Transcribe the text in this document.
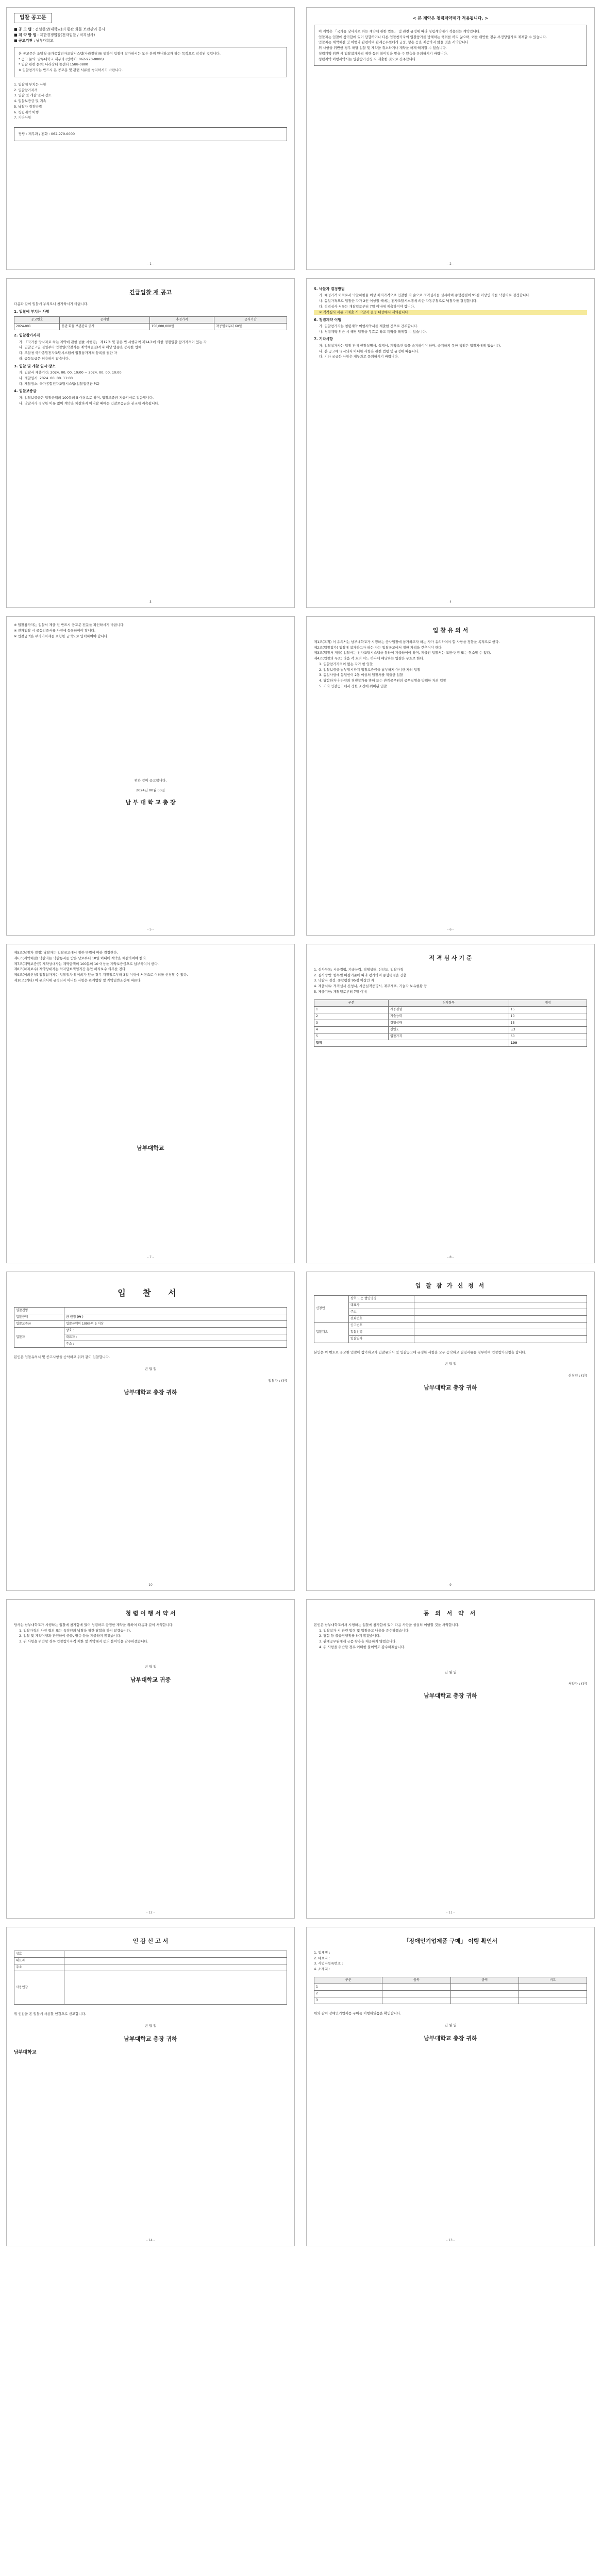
입찰 공고문
■ 공 고 명 : 건설현장(대학교)의 통관 화물 보관관리 공사
■ 계 약 방 법 : 제한경쟁입찰(전자입찰 / 적격심사)
■ 공고기관 : 남부대학교

본 공고문은 조달청 국가종합전자조달시스템(나라장터)를 통하여 입찰에 참가하시는 모든 분께 안내하고자 하는 목적으로 작성된 것입니다.

* 공고 문의: 남부대학교 재무과 (연락처: 062-970-0000)

* 입찰 관련 문의: 나라장터 콜센터 1588-0800

※ 입찰참가자는 반드시 본 공고문 및 관련 서류를 숙지하시기 바랍니다.

1. 입찰에 부치는 사항
2. 입찰참가자격
3. 입찰 및 개찰 일시·장소
4. 입찰보증금 및 귀속
5. 낙찰자 결정방법
6. 청렴계약 이행
7. 기타사항

담당 : 재무과 / 전화 : 062-970-0000

- 1 -
< 본 계약은 청렴계약제가 적용됩니다. >

이 계약은 「국가를 당사자로 하는 계약에 관한 법률」 및 관련 규정에 따라 청렴계약제가 적용되는 계약입니다.

입찰자는 입찰에 참가함에 있어 담합하거나 다른 입찰참가자의 입찰참가를 방해하는 행위를 하지 않으며, 이를 위반한 경우 부정당업자로 제재할 수 있습니다.

입찰자는 계약체결 및 이행과 관련하여 관계공무원에게 금품, 향응 등을 제공하지 않을 것을 서약합니다.

위 사항을 위반한 경우 해당 입찰 및 계약을 취소하거나 계약을 해제·해지할 수 있습니다.

청렴계약 위반 시 입찰참가자격 제한 등의 불이익을 받을 수 있음을 유의하시기 바랍니다.

청렴계약 이행서약서는 입찰참가신청 시 제출한 것으로 간주합니다.

- 2 -
긴급입찰 재 공고
다음과 같이 입찰에 부치오니 참가하시기 바랍니다.
1. 입찰에 부치는 사항
공고번호	공사명	추정가격	공사기간
2024-001	통관 화물 보관관리 공사	150,000,000원	착공일로부터 60일
2. 입찰참가자격
가. 「국가를 당사자로 하는 계약에 관한 법률 시행령」 제12조 및 같은 법 시행규칙 제14조에 의한 경쟁입찰 참가자격이 있는 자
나. 입찰공고일 전일부터 입찰일(낙찰자는 계약체결일)까지 해당 업종을 등록한 업체
다. 조달청 국가종합전자조달시스템에 입찰참가자격 등록을 필한 자
라. 공동도급은 허용하지 않습니다.
3. 입찰 및 개찰 일시·장소
가. 입찰서 제출기간: 2024. 00. 00. 10:00 ~ 2024. 00. 00. 10:00
나. 개찰일시: 2024. 00. 00. 11:00
다. 개찰장소: 국가종합전자조달시스템(입찰집행관 PC)
4. 입찰보증금
가. 입찰보증금은 입찰금액의 100분의 5 이상으로 하며, 입찰보증금 지급각서로 갈음합니다.
나. 낙찰자가 정당한 이유 없이 계약을 체결하지 아니할 때에는 입찰보증금은 본교에 귀속됩니다.
- 3 -
5. 낙찰자 결정방법
가. 예정가격 이하로서 낙찰하한율 이상 최저가격으로 입찰한 자 순으로 적격심사를 실시하여 종합평점이 95점 이상인 자를 낙찰자로 결정합니다.
나. 동일가격으로 입찰한 자가 2인 이상일 때에는 전자조달시스템에 의한 자동추첨으로 낙찰자를 결정합니다.
다. 적격심사 서류는 개찰일로부터 7일 이내에 제출하여야 합니다.
※ 적격심사 서류 미제출 시 낙찰자 결정 대상에서 제외됩니다.
6. 청렴계약 이행
가. 입찰참가자는 청렴계약 이행서약서를 제출한 것으로 간주합니다.
나. 청렴계약 위반 시 해당 입찰을 무효로 하고 계약을 해제할 수 있습니다.
7. 기타사항
가. 입찰참가자는 입찰 전에 현장설명서, 설계서, 계약조건 등을 숙지하여야 하며, 숙지하지 못한 책임은 입찰자에게 있습니다.
나. 본 공고에 명시되지 아니한 사항은 관련 법령 및 규정에 따릅니다.
다. 기타 궁금한 사항은 재무과로 문의하시기 바랍니다.
- 4 -
※ 입찰참가자는 입찰서 제출 전 반드시 공고문 전문을 확인하시기 바랍니다.
※ 전자입찰 시 공동인증서를 사전에 등록하여야 합니다.
※ 입찰금액은 부가가치세를 포함한 금액으로 입력하여야 합니다.
위와 같이 공고합니다.
2024년 00월 00일
남 부 대 학 교 총 장
- 5 -
입 찰 유 의 서
제1조(목적) 이 유의서는 남부대학교가 시행하는 공사입찰에 참가하고자 하는 자가 유의하여야 할 사항을 정함을 목적으로 한다.
제2조(입찰참가) 입찰에 참가하고자 하는 자는 입찰공고에서 정한 자격을 갖추어야 한다.
제3조(입찰서 제출) 입찰서는 전자조달시스템을 통하여 제출하여야 하며, 제출된 입찰서는 교환·변경 또는 취소할 수 없다.
제4조(입찰의 무효) 다음 각 호의 어느 하나에 해당하는 입찰은 무효로 한다.
1. 입찰참가자격이 없는 자가 한 입찰
2. 입찰보증금 납부일시까지 입찰보증금을 납부하지 아니한 자의 입찰
3. 동일사항에 동일인이 2통 이상의 입찰서를 제출한 입찰
4. 담합하거나 타인의 경쟁참가를 방해 또는 관계공무원의 공무집행을 방해한 자의 입찰
5. 기타 입찰공고에서 정한 조건에 위배된 입찰
- 6 -
제5조(낙찰자 결정) 낙찰자는 입찰공고에서 정한 방법에 따라 결정한다.
제6조(계약체결) 낙찰자는 낙찰통지를 받은 날로부터 10일 이내에 계약을 체결하여야 한다.
제7조(계약보증금) 계약상대자는 계약금액의 100분의 10 이상을 계약보증금으로 납부하여야 한다.
제8조(하자보수) 계약상대자는 하자담보책임기간 동안 하자보수 의무를 진다.
제9조(이의신청) 입찰참가자는 입찰절차에 이의가 있을 경우 개찰일로부터 3일 이내에 서면으로 이의를 신청할 수 있다.
제10조(기타) 이 유의서에 규정되지 아니한 사항은 관계법령 및 계약일반조건에 따른다.
남부대학교
- 7 -
적 격 심 사 기 준
1. 심사항목: 시공경험, 기술능력, 경영상태, 신인도, 입찰가격
2. 심사방법: 항목별 배점기준에 따라 평가하여 종합평점을 산출
3. 낙찰자 결정: 종합평점 95점 이상인 자
4. 제출서류: 적격심사 신청서, 시공실적증명서, 재무제표, 기술자 보유현황 등
5. 제출기한: 개찰일로부터 7일 이내
구분	심사항목	배점
1	시공경험	15
2	기술능력	10
3	경영상태	15
4	신인도	±3
5	입찰가격	60
합계		100
- 8 -
입 찰 참 가 신 청 서
신청인	상호 또는 법인명칭	
	대표자	
	주소	
	전화번호	
입찰개요	공고번호	
	입찰건명	
	입찰일자	
본인은 위 번호로 공고한 입찰에 참가하고자 입찰유의서 및 입찰공고에 규정한 사항을 모두 승낙하고 별첨서류를 첨부하여 입찰참가신청을 합니다.
년 월 일
신청인 : (인)
남부대학교 총장 귀하
- 9 -
입 찰 서
입찰건명	
입찰금액	금 원정 (₩ )
입찰보증금	입찰금액의 100분의 5 이상
입찰자	상호 :
	대표자 :
	주소 :
본인은 입찰유의서 및 공고사항을 승낙하고 위와 같이 입찰합니다.
년 월 일
입찰자 : (인)
남부대학교 총장 귀하
- 10 -
동 의 서 약 서
본인은 남부대학교에서 시행하는 입찰에 참가함에 있어 다음 사항을 성실히 이행할 것을 서약합니다.
1. 입찰참가 시 관련 법령 및 입찰공고 내용을 준수하겠습니다.
2. 담합 등 불공정행위를 하지 않겠습니다.
3. 관계공무원에게 금품·향응을 제공하지 않겠습니다.
4. 위 사항을 위반할 경우 어떠한 불이익도 감수하겠습니다.
년 월 일
서약자 : (인)
남부대학교 총장 귀하
- 11 -
청 렴 이 행 서 약 서
당사는 남부대학교가 시행하는 입찰에 참가함에 있어 청렴하고 공정한 계약을 위하여 다음과 같이 서약합니다.
1. 입찰가격의 사전 협의 또는 특정인의 낙찰을 위한 담합을 하지 않겠습니다.
2. 입찰 및 계약이행과 관련하여 금품, 향응 등을 제공하지 않겠습니다.
3. 위 사항을 위반할 경우 입찰참가자격 제한 및 계약해지 등의 불이익을 감수하겠습니다.
년 월 일
남부대학교 귀중
- 12 -
「장애인기업제품 구매」 이행 확인서
1. 업체명 :
2. 대표자 :
3. 사업자등록번호 :
4. 소재지 :
구분	품목	금액	비고
1			
2			
3			
위와 같이 장애인기업제품 구매를 이행하였음을 확인합니다.
년 월 일
남부대학교 총장 귀하
- 13 -
인 감 신 고 서
상호	
대표자	
주소	
사용인감	
위 인감을 본 입찰에 사용할 인감으로 신고합니다.
년 월 일
남부대학교 총장 귀하
남부대학교
- 14 -
